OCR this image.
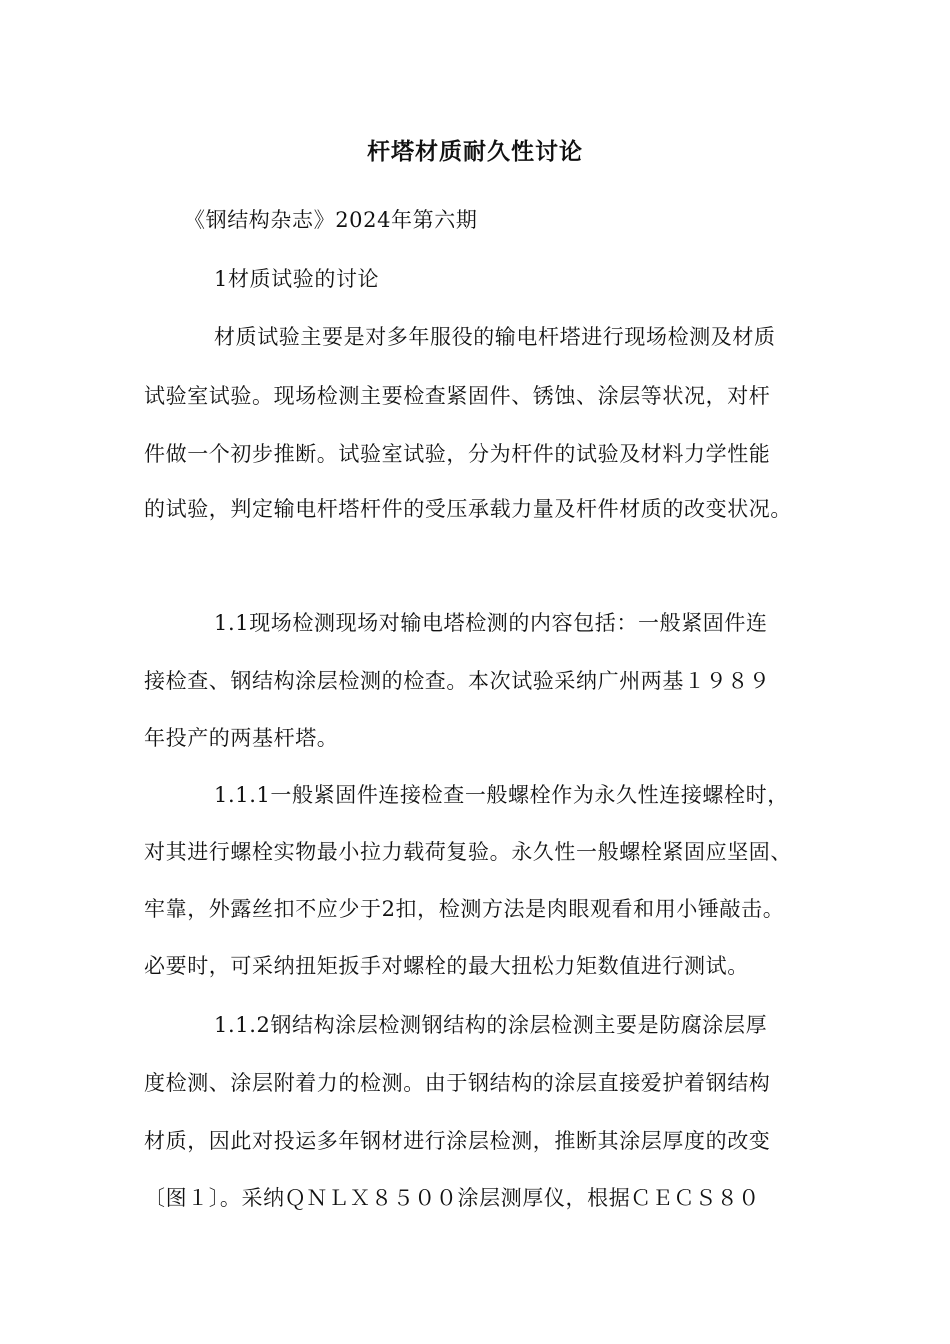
杆塔材质耐久性讨论
《钢结构杂志》2024年第六期
1材质试验的讨论
材质试验主要是对多年服役的输电杆塔进行现场检测及材质
试验室试验。现场检测主要检查紧固件、锈蚀、涂层等状况，对杆
件做一个初步推断。试验室试验，分为杆件的试验及材料力学性能
的试验，判定输电杆塔杆件的受压承载力量及杆件材质的改变状况。
1.1现场检测现场对输电塔检测的内容包括：一般紧固件连
接检查、钢结构涂层检测的检查。本次试验采纳广州两基１９８９
年投产的两基杆塔。
1.1.1一般紧固件连接检查一般螺栓作为永久性连接螺栓时，
对其进行螺栓实物最小拉力载荷复验。永久性一般螺栓紧固应坚固、
牢靠，外露丝扣不应少于2扣，检测方法是肉眼观看和用小锤敲击。
必要时，可采纳扭矩扳手对螺栓的最大扭松力矩数值进行测试。
1.1.2钢结构涂层检测钢结构的涂层检测主要是防腐涂层厚
度检测、涂层附着力的检测。由于钢结构的涂层直接爱护着钢结构
材质，因此对投运多年钢材进行涂层检测，推断其涂层厚度的改变
〔图１〕。采纳ＱＮＬＸ８５００涂层测厚仪，根据ＣＥＣＳ８０
